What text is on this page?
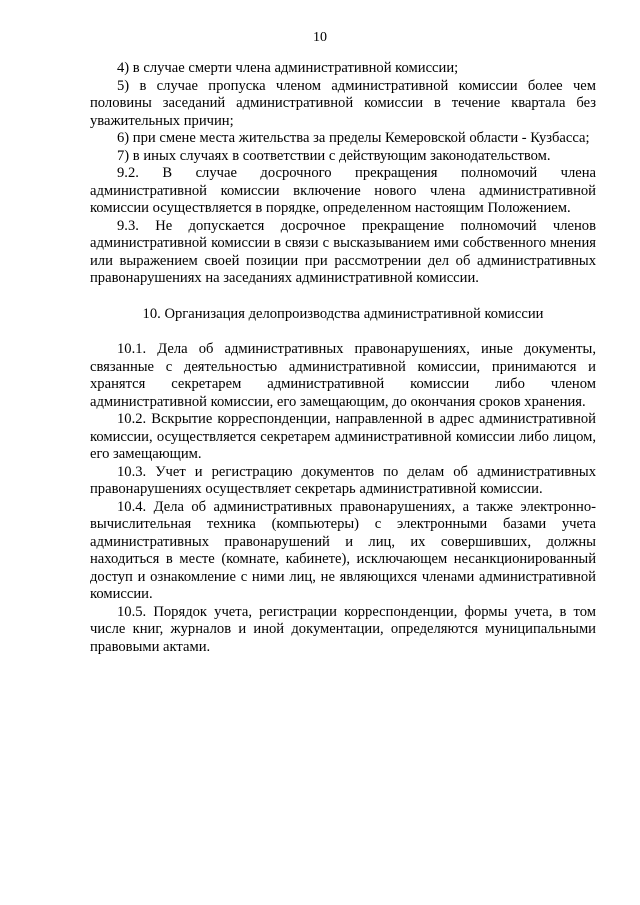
10

4) в случае смерти члена административной комиссии;

5) в случае пропуска членом административной комиссии более чем половины заседаний административной комиссии в течение квартала без уважительных причин;

6) при смене места жительства за пределы Кемеровской области - Кузбасса;

7) в иных случаях в соответствии с действующим законодательством.

9.2. В случае досрочного прекращения полномочий члена административной комиссии включение нового члена административной комиссии осуществляется в порядке, определенном настоящим Положением.

9.3. Не допускается досрочное прекращение полномочий членов административной комиссии в связи с высказыванием ими собственного мнения или выражением своей позиции при рассмотрении дел об административных правонарушениях на заседаниях административной комиссии.

10. Организация делопроизводства административной комиссии

10.1. Дела об административных правонарушениях, иные документы, связанные с деятельностью административной комиссии, принимаются и хранятся секретарем административной комиссии либо членом административной комиссии, его замещающим, до окончания сроков хранения.

10.2. Вскрытие корреспонденции, направленной в адрес административной комиссии, осуществляется секретарем административной комиссии либо лицом, его замещающим.

10.3. Учет и регистрацию документов по делам об административных правонарушениях осуществляет секретарь административной комиссии.

10.4. Дела об административных правонарушениях, а также электронно-вычислительная техника (компьютеры) с электронными базами учета административных правонарушений и лиц, их совершивших, должны находиться в месте (комнате, кабинете), исключающем несанкционированный доступ и ознакомление с ними лиц, не являющихся членами административной комиссии.

10.5. Порядок учета, регистрации корреспонденции, формы учета, в том числе книг, журналов и иной документации, определяются муниципальными правовыми актами.
